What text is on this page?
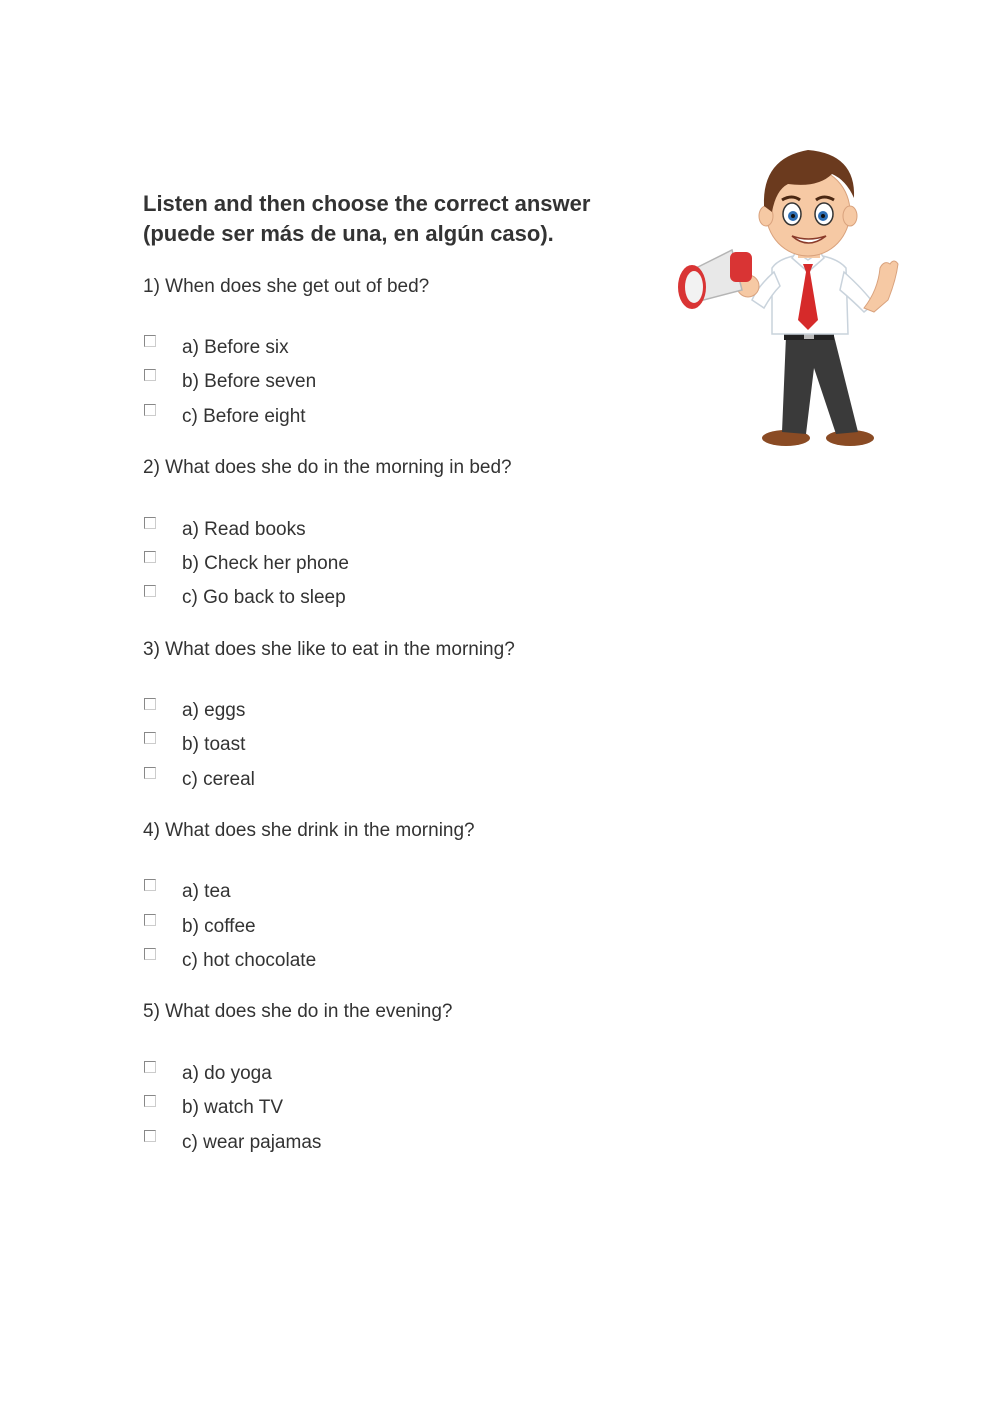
Listen and then choose the correct answer
(puede ser más de una, en algún caso).

1) When does she get out of bed?

a) Before six
b) Before seven
c) Before eight

2) What does she do in the morning in bed?

a) Read books
b) Check her phone
c) Go back to sleep

3) What does she like to eat in the morning?

a) eggs
b) toast
c) cereal

4) What does she drink in the morning?

a) tea
b) coffee
c) hot chocolate

5) What does she do in the evening?

a) do yoga
b) watch TV
c) wear pajamas
